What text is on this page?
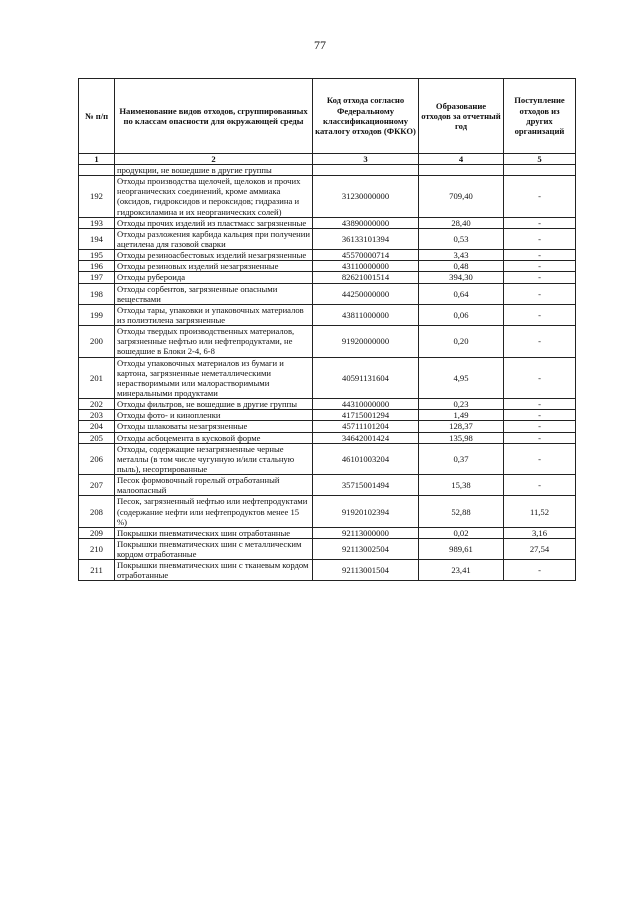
77
№ п/п	Наименование видов отходов, сгруппированных по классам опасности для окружающей среды	Код отхода согласно Федеральному классификационному каталогу отходов (ФККО)	Образование отходов за отчетный год	Поступление отходов из других организаций
1	2	3	4	5
	продукции, не вошедшие в другие группы			
192	Отходы производства щелочей, щелоков и прочих неорганических соединений, кроме аммиака (оксидов, гидроксидов и пероксидов; гидразина и гидроксиламина и их неорганических солей)	31230000000	709,40	-
193	Отходы прочих изделий из пластмасс загрязненные	43890000000	28,40	-
194	Отходы разложения карбида кальция при получении ацетилена для газовой сварки	36133101394	0,53	-
195	Отходы резиноасбестовых изделий незагрязненные	45570000714	3,43	-
196	Отходы резиновых изделий незагрязненные	43110000000	0,48	-
197	Отходы рубероида	82621001514	394,30	-
198	Отходы сорбентов, загрязненные опасными веществами	44250000000	0,64	-
199	Отходы тары, упаковки и упаковочных материалов из полиэтилена загрязненные	43811000000	0,06	-
200	Отходы твердых производственных материалов, загрязненные нефтью или нефтепродуктами, не вошедшие в Блоки 2-4, 6-8	91920000000	0,20	-
201	Отходы упаковочных материалов из бумаги и картона, загрязненные неметаллическими нерастворимыми или малорастворимыми минеральными продуктами	40591131604	4,95	-
202	Отходы фильтров, не вошедшие в другие группы	44310000000	0,23	-
203	Отходы фото- и кинопленки	41715001294	1,49	-
204	Отходы шлаковаты незагрязненные	45711101204	128,37	-
205	Отходы асбоцемента в кусковой форме	34642001424	135,98	-
206	Отходы, содержащие незагрязненные черные металлы (в том числе чугунную и/или стальную пыль), несортированные	46101003204	0,37	-
207	Песок формовочный горелый отработанный малоопасный	35715001494	15,38	-
208	Песок, загрязненный нефтью или нефтепродуктами (содержание нефти или нефтепродуктов менее 15 %)	91920102394	52,88	11,52
209	Покрышки пневматических шин отработанные	92113000000	0,02	3,16
210	Покрышки пневматических шин с металлическим кордом отработанные	92113002504	989,61	27,54
211	Покрышки пневматических шин с тканевым кордом отработанные	92113001504	23,41	-
